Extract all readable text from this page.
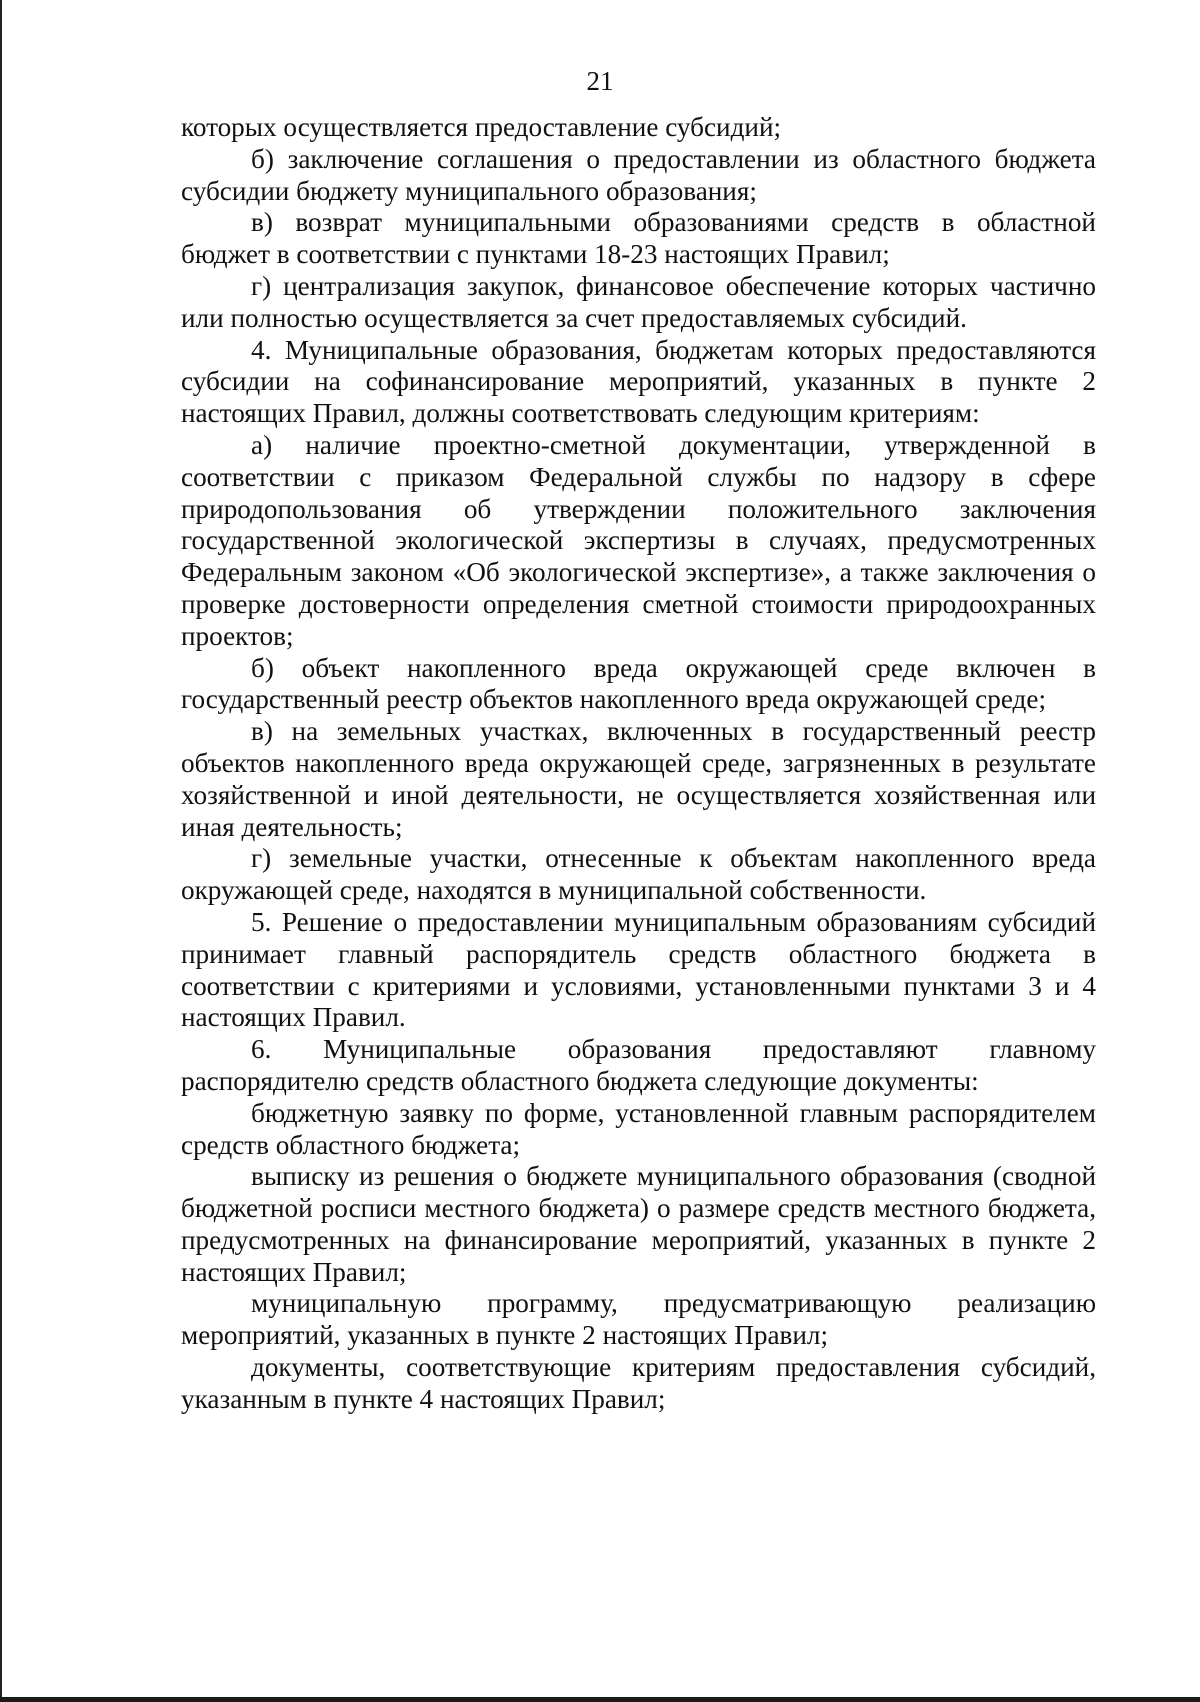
21

которых осуществляется предоставление субсидий;

б) заключение соглашения о предоставлении из областного бюджета субсидии бюджету муниципального образования;

в) возврат муниципальными образованиями средств в областной бюджет в соответствии с пунктами 18-23 настоящих Правил;

г) централизация закупок, финансовое обеспечение которых частично или полностью осуществляется за счет предоставляемых субсидий.

4. Муниципальные образования, бюджетам которых предоставляются субсидии на софинансирование мероприятий, указанных в пункте 2 настоящих Правил, должны соответствовать следующим критериям:

а) наличие проектно-сметной документации, утвержденной в соответствии с приказом Федеральной службы по надзору в сфере природопользования об утверждении положительного заключения государственной экологической экспертизы в случаях, предусмотренных Федеральным законом «Об экологической экспертизе», а также заключения о проверке достоверности определения сметной стоимости природоохранных проектов;

б) объект накопленного вреда окружающей среде включен в государственный реестр объектов накопленного вреда окружающей среде;

в) на земельных участках, включенных в государственный реестр объектов накопленного вреда окружающей среде, загрязненных в результате хозяйственной и иной деятельности, не осуществляется хозяйственная или иная деятельность;

г) земельные участки, отнесенные к объектам накопленного вреда окружающей среде, находятся в муниципальной собственности.

5. Решение о предоставлении муниципальным образованиям субсидий принимает главный распорядитель средств областного бюджета в соответствии с критериями и условиями, установленными пунктами 3 и 4 настоящих Правил.

6. Муниципальные образования предоставляют главному распорядителю средств областного бюджета следующие документы:

бюджетную заявку по форме, установленной главным распорядителем средств областного бюджета;

выписку из решения о бюджете муниципального образования (сводной бюджетной росписи местного бюджета) о размере средств местного бюджета, предусмотренных на финансирование мероприятий, указанных в пункте 2 настоящих Правил;

муниципальную программу, предусматривающую реализацию мероприятий, указанных в пункте 2 настоящих Правил;

документы, соответствующие критериям предоставления субсидий, указанным в пункте 4 настоящих Правил;
